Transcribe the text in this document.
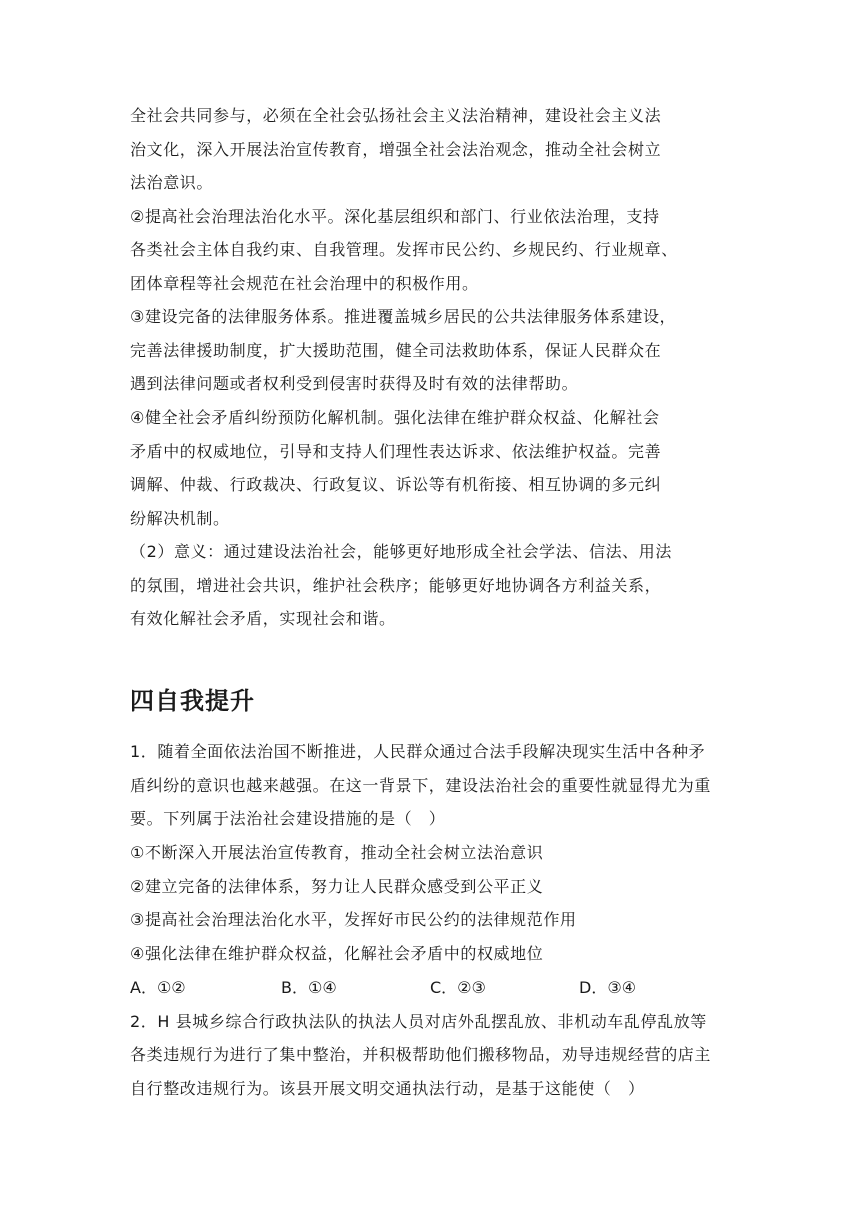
全社会共同参与，必须在全社会弘扬社会主义法治精神，建设社会主义法
治文化，深入开展法治宣传教育，增强全社会法治观念，推动全社会树立
法治意识。
②提高社会治理法治化水平。深化基层组织和部门、行业依法治理，支持
各类社会主体自我约束、自我管理。发挥市民公约、乡规民约、行业规章、
团体章程等社会规范在社会治理中的积极作用。
③建设完备的法律服务体系。推进覆盖城乡居民的公共法律服务体系建设，
完善法律援助制度，扩大援助范围，健全司法救助体系，保证人民群众在
遇到法律问题或者权利受到侵害时获得及时有效的法律帮助。
④健全社会矛盾纠纷预防化解机制。强化法律在维护群众权益、化解社会
矛盾中的权威地位，引导和支持人们理性表达诉求、依法维护权益。完善
调解、仲裁、行政裁决、行政复议、诉讼等有机衔接、相互协调的多元纠
纷解决机制。
（2）意义：通过建设法治社会，能够更好地形成全社会学法、信法、用法
的氛围，增进社会共识，维护社会秩序；能够更好地协调各方利益关系，
有效化解社会矛盾，实现社会和谐。
四自我提升
1．随着全面依法治国不断推进，人民群众通过合法手段解决现实生活中各种矛
盾纠纷的意识也越来越强。在这一背景下，建设法治社会的重要性就显得尤为重
要。下列属于法治社会建设措施的是（　）
①不断深入开展法治宣传教育，推动全社会树立法治意识
②建立完备的法律体系，努力让人民群众感受到公平正义
③提高社会治理法治化水平，发挥好市民公约的法律规范作用
④强化法律在维护群众权益，化解社会矛盾中的权威地位
A．①②	B．①④	C．②③	D．③④
2．H 县城乡综合行政执法队的执法人员对店外乱摆乱放、非机动车乱停乱放等
各类违规行为进行了集中整治，并积极帮助他们搬移物品，劝导违规经营的店主
自行整改违规行为。该县开展文明交通执法行动，是基于这能使（　）
